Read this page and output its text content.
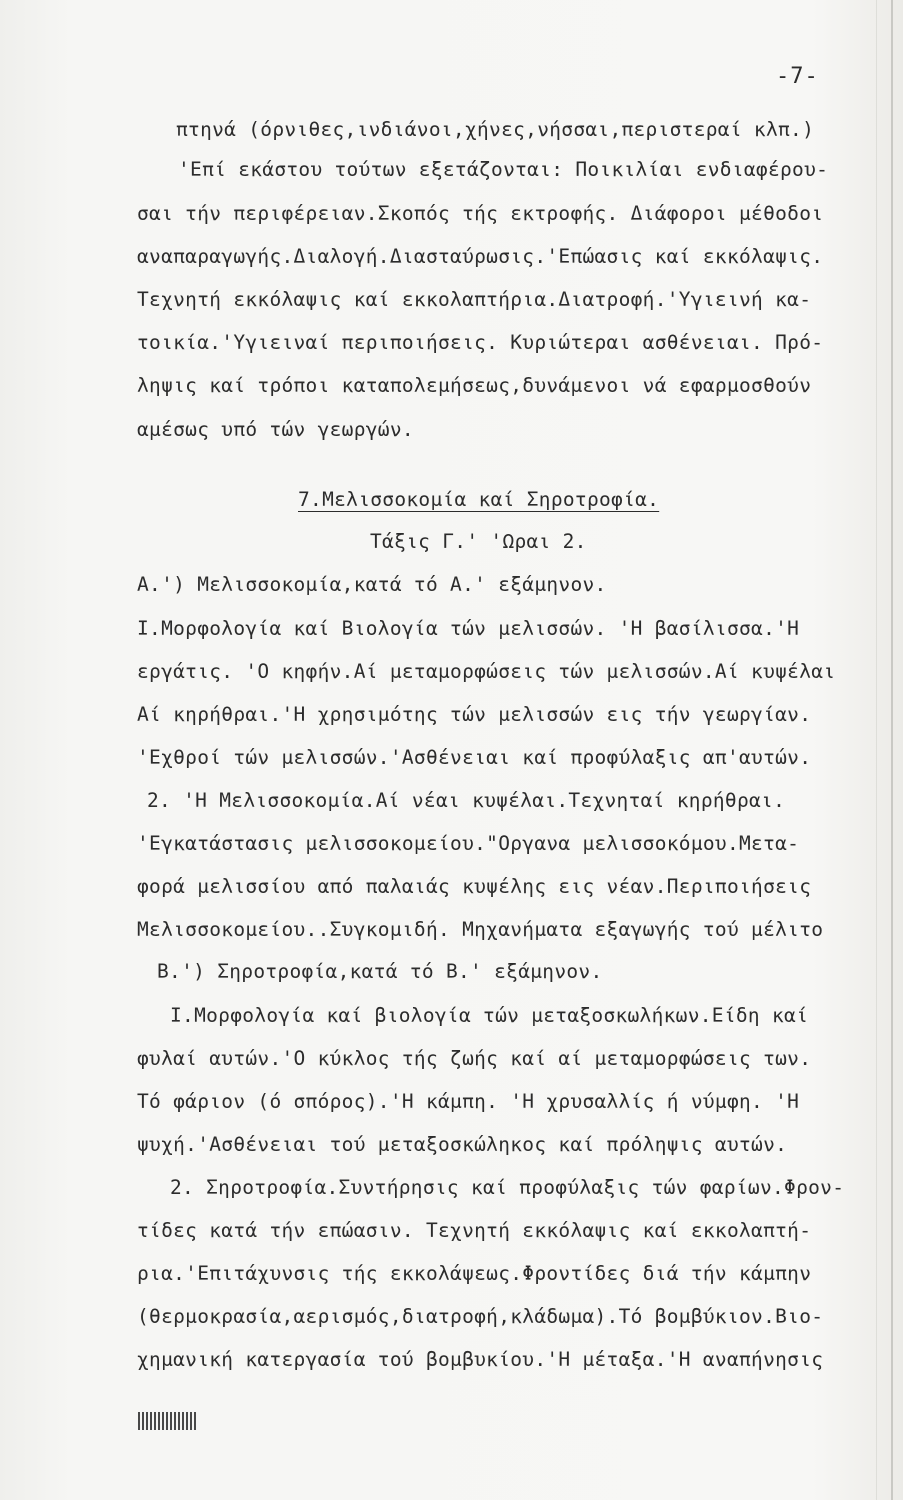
-7-
πτηνά (όρνιθες,ινδιάνοι,χήνες,νήσσαι,περιστεραί κλπ.)
'Επί εκάστου τούτων εξετάζονται: Ποικιλίαι ενδιαφέρου-
σαι τήν περιφέρειαν.Σκοπός τής εκτροφής. Διάφοροι μέθοδοι
αναπαραγωγής.Διαλογή.Διασταύρωσις.'Επώασις καί εκκόλαψις.
Τεχνητή εκκόλαψις καί εκκολαπτήρια.Διατροφή.'Υγιεινή κα-
τοικία.'Υγιειναί περιποιήσεις. Κυριώτεραι ασθένειαι. Πρό-
ληψις καί τρόποι καταπολεμήσεως,δυνάμενοι νά εφαρμοσθούν
αμέσως υπό τών γεωργών.
7.Μελισσοκομία καί Σηροτροφία.
Τάξις Γ.' 'Ωραι 2.
Α.') Μελισσοκομία,κατά τό Α.' εξάμηνον.
Ι.Μορφολογία καί Βιολογία τών μελισσών. 'Η βασίλισσα.'Η
εργάτις. 'Ο κηφήν.Αί μεταμορφώσεις τών μελισσών.Αί κυψέλαι
Αί κηρήθραι.'Η χρησιμότης τών μελισσών εις τήν γεωργίαν.
'Εχθροί τών μελισσών.'Ασθένειαι καί προφύλαξις απ'αυτών.
2. 'Η Μελισσοκομία.Αί νέαι κυψέλαι.Τεχνηταί κηρήθραι.
'Εγκατάστασις μελισσοκομείου."Οργανα μελισσοκόμου.Μετα-
φορά μελισσίου από παλαιάς κυψέλης εις νέαν.Περιποιήσεις
Μελισσοκομείου..Συγκομιδή. Μηχανήματα εξαγωγής τού μέλιτο
Β.') Σηροτροφία,κατά τό Β.' εξάμηνον.
Ι.Μορφολογία καί βιολογία τών μεταξοσκωλήκων.Είδη καί
φυλαί αυτών.'Ο κύκλος τής ζωής καί αί μεταμορφώσεις των.
Τό φάριον (ό σπόρος).'Η κάμπη. 'Η χρυσαλλίς ή νύμφη. 'Η
ψυχή.'Ασθένειαι τού μεταξοσκώληκος καί πρόληψις αυτών.
2. Σηροτροφία.Συντήρησις καί προφύλαξις τών φαρίων.Φρον-
τίδες κατά τήν επώασιν. Τεχνητή εκκόλαψις καί εκκολαπτή-
ρια.'Επιτάχυνσις τής εκκολάψεως.Φροντίδες διά τήν κάμπην
(θερμοκρασία,αερισμός,διατροφή,κλάδωμα).Τό βομβύκιον.Βιο-
χημανική κατεργασία τού βομβυκίου.'Η μέταξα.'Η αναπήνησις
